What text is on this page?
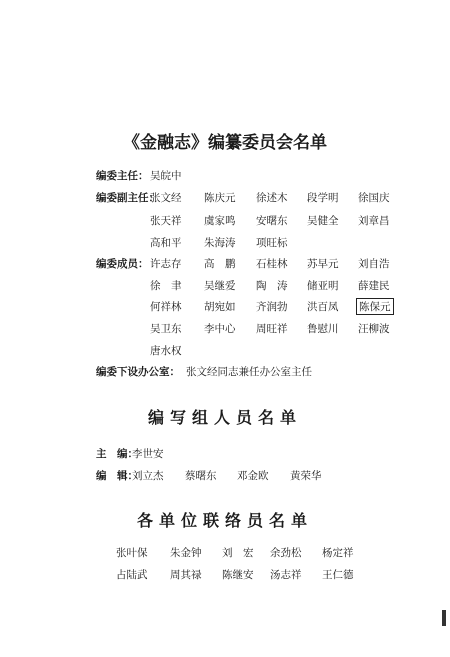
《金融志》编纂委员会名单
编委主任： 吴皖中
编委副主任：
张文经 陈庆元 徐述木 段学明 徐国庆
张天祥 虞家鸣 安曙东 吴健全 刘章昌
高和平 朱海涛 项旺标
编委成员： 许志存 高　鹏 石桂林 苏早元 刘自浩
徐　聿 吴继爱 陶　涛 储亚明 薛建民
何祥林 胡宛如 齐润勃 洪百凤 陈保元
吴卫东 李中心 周旺祥 鲁慰川 汪柳波
唐水权
编委下设办公室： 张文经同志兼任办公室主任
编写组人员名单
主　编：
李世安
编　辑：
刘立杰 蔡曙东 邓金欧 黄荣华
各单位联络员名单
张叶保 朱金钟 刘　宏 余劲松 杨定祥
占陆武 周其禄 陈继安 汤志祥 王仁德
